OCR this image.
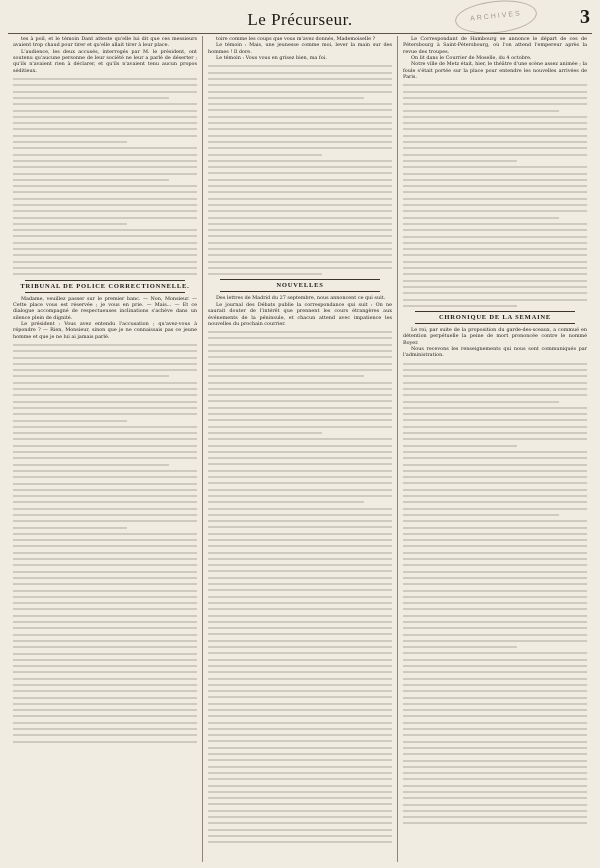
Le Précurseur.	ARCHIVES	3

tes à poil, et le témoin Dant atteste qu'elle lui dit que ces messieurs avaient trop chaud pour tirer et qu'elle allait tirer à leur place.

L'audience, les deux accusés, interrogés par M. le président, ont soutenu qu'aucune personne de leur société ne leur a parlé de déserter ; qu'ils n'avaient rien à déclarer, et qu'ils n'avaient tenu aucun propos séditieux.

TRIBUNAL DE POLICE CORRECTIONNELLE.

Madame, veuillez passer sur le premier banc. — Non, Monsieur. — Cette place vous est réservée ; je vous en prie. — Mais... — Et ce dialogue accompagné de respectueuses inclinations s'achève dans un silence plein de dignité.

Le président : Vous avez entendu l'accusation ; qu'avez-vous à répondre ? — Rien, Monsieur, sinon que je ne connaissais pas ce jeune homme et que je ne lui ai jamais parlé.

toire comme les coups que vous m'avez donnés, Mademoiselle ?

Le témoin : Mais, une jeunesse comme moi, lever la main sur des hommes ! Il dore.

Le témoin : Vous vous en grisez bien, ma foi.

NOUVELLES

Des lettres de Madrid du 27 septembre, nous annoncent ce qui suit.

Le journal des Débats publie la correspondance qui suit : On ne saurait douter de l'intérêt que prennent les cours étrangères aux événements de la péninsule, et chacun attend avec impatience les nouvelles du prochain courrier.

Le Correspondant de Hambourg se annonce le départ de ces de Pétersbourg à Saint-Pétersbourg, où l'on attend l'empereur après la revue des troupes.

On lit dans le Courrier de Moselle, du 4 octobre.

Notre ville de Metz était, hier, le théâtre d'une scène assez animée ; la foule s'était portée sur la place pour entendre les nouvelles arrivées de Paris.

CHRONIQUE DE LA SEMAINE

Le roi, par suite de la proposition du garde-des-sceaux, a commué en détention perpétuelle la peine de mort prononcée contre le nommé Boyer.

Nous recevons les renseignements qui nous sont communiqués par l'administration.
